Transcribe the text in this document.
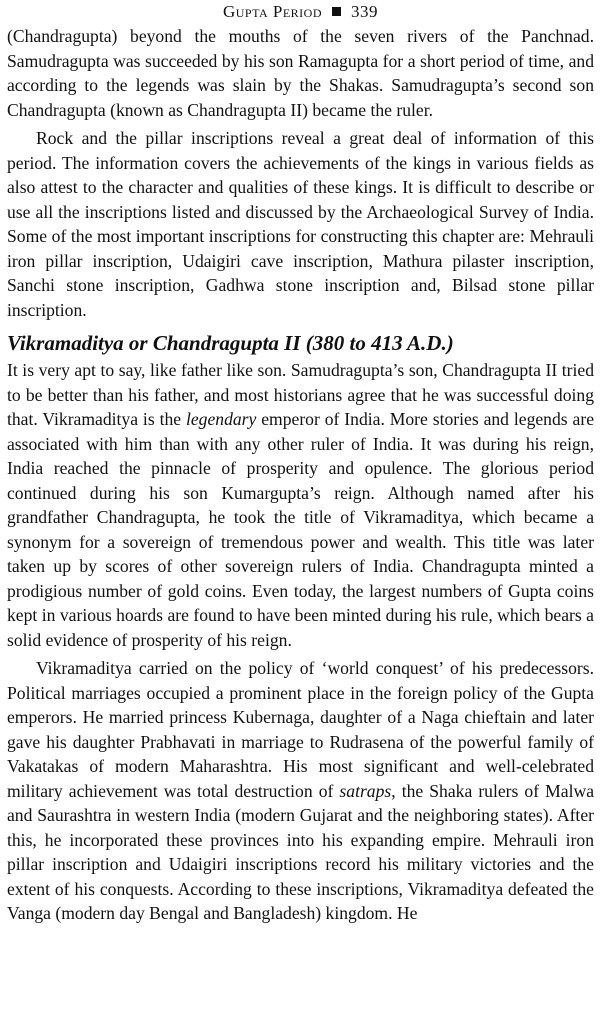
Gupta Period 339

(Chandragupta) beyond the mouths of the seven rivers of the Panchnad. Samudragupta was succeeded by his son Ramagupta for a short period of time, and according to the legends was slain by the Shakas. Samudragupta’s second son Chandragupta (known as Chandragupta II) became the ruler.

Rock and the pillar inscriptions reveal a great deal of information of this period. The information covers the achievements of the kings in various fields as also attest to the character and qualities of these kings. It is difficult to describe or use all the inscriptions listed and discussed by the Archaeological Survey of India. Some of the most important inscriptions for constructing this chapter are: Mehrauli iron pillar inscription, Udaigiri cave inscription, Mathura pilaster inscription, Sanchi stone inscription, Gadhwa stone inscription and, Bilsad stone pillar inscription.

Vikramaditya or Chandragupta II (380 to 413 A.D.)

It is very apt to say, like father like son. Samudragupta’s son, Chandragupta II tried to be better than his father, and most historians agree that he was successful doing that. Vikramaditya is the legendary emperor of India. More stories and legends are associated with him than with any other ruler of India. It was during his reign, India reached the pinnacle of prosperity and opulence. The glorious period continued during his son Kumargupta’s reign. Although named after his grandfather Chandragupta, he took the title of Vikramaditya, which became a synonym for a sovereign of tremendous power and wealth. This title was later taken up by scores of other sovereign rulers of India. Chandragupta minted a prodigious number of gold coins. Even today, the largest numbers of Gupta coins kept in various hoards are found to have been minted during his rule, which bears a solid evidence of prosperity of his reign.

Vikramaditya carried on the policy of ‘world conquest’ of his predecessors. Political marriages occupied a prominent place in the foreign policy of the Gupta emperors. He married princess Kubernaga, daughter of a Naga chieftain and later gave his daughter Prabhavati in marriage to Rudrasena of the powerful family of Vakatakas of modern Maharashtra. His most significant and well-celebrated military achievement was total destruction of satraps, the Shaka rulers of Malwa and Saurashtra in western India (modern Gujarat and the neighboring states). After this, he incorporated these provinces into his expanding empire. Mehrauli iron pillar inscription and Udaigiri inscriptions record his military victories and the extent of his conquests. According to these inscriptions, Vikramaditya defeated the Vanga (modern day Bengal and Bangladesh) kingdom. He
